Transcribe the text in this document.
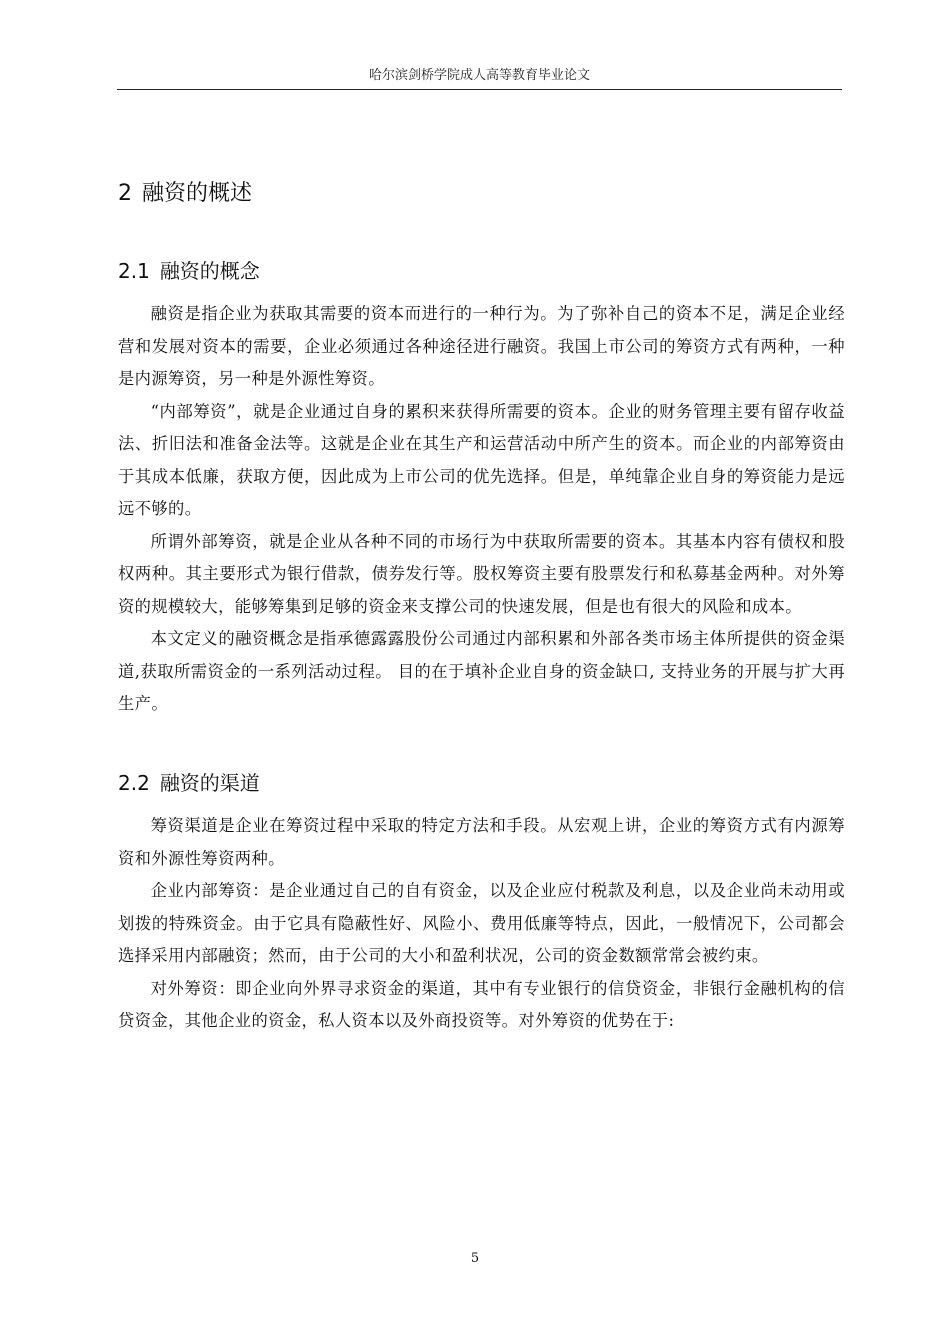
哈尔滨剑桥学院成人高等教育毕业论文
2 融资的概述
2.1 融资的概念

融资是指企业为获取其需要的资本而进行的一种行为。为了弥补自己的资本不足，满足企业经营和发展对资本的需要，企业必须通过各种途径进行融资。我国上市公司的筹资方式有两种，一种是内源筹资，另一种是外源性筹资。

“内部筹资”，就是企业通过自身的累积来获得所需要的资本。企业的财务管理主要有留存收益法、折旧法和准备金法等。这就是企业在其生产和运营活动中所产生的资本。而企业的内部筹资由于其成本低廉，获取方便，因此成为上市公司的优先选择。但是，单纯靠企业自身的筹资能力是远远不够的。

所谓外部筹资，就是企业从各种不同的市场行为中获取所需要的资本。其基本内容有债权和股权两种。其主要形式为银行借款，债券发行等。股权筹资主要有股票发行和私募基金两种。对外筹资的规模较大，能够筹集到足够的资金来支撑公司的快速发展，但是也有很大的风险和成本。

本文定义的融资概念是指承德露露股份公司通过内部积累和外部各类市场主体所提供的资金渠道,获取所需资金的一系列活动过程。 目的在于填补企业自身的资金缺口, 支持业务的开展与扩大再生产。

2.2 融资的渠道

筹资渠道是企业在筹资过程中采取的特定方法和手段。从宏观上讲，企业的筹资方式有内源筹资和外源性筹资两种。

企业内部筹资：是企业通过自己的自有资金，以及企业应付税款及利息，以及企业尚未动用或划拨的特殊资金。由于它具有隐蔽性好、风险小、费用低廉等特点，因此，一般情况下，公司都会选择采用内部融资；然而，由于公司的大小和盈利状况，公司的资金数额常常会被约束。

对外筹资：即企业向外界寻求资金的渠道，其中有专业银行的信贷资金，非银行金融机构的信贷资金，其他企业的资金，私人资本以及外商投资等。对外筹资的优势在于:

5
